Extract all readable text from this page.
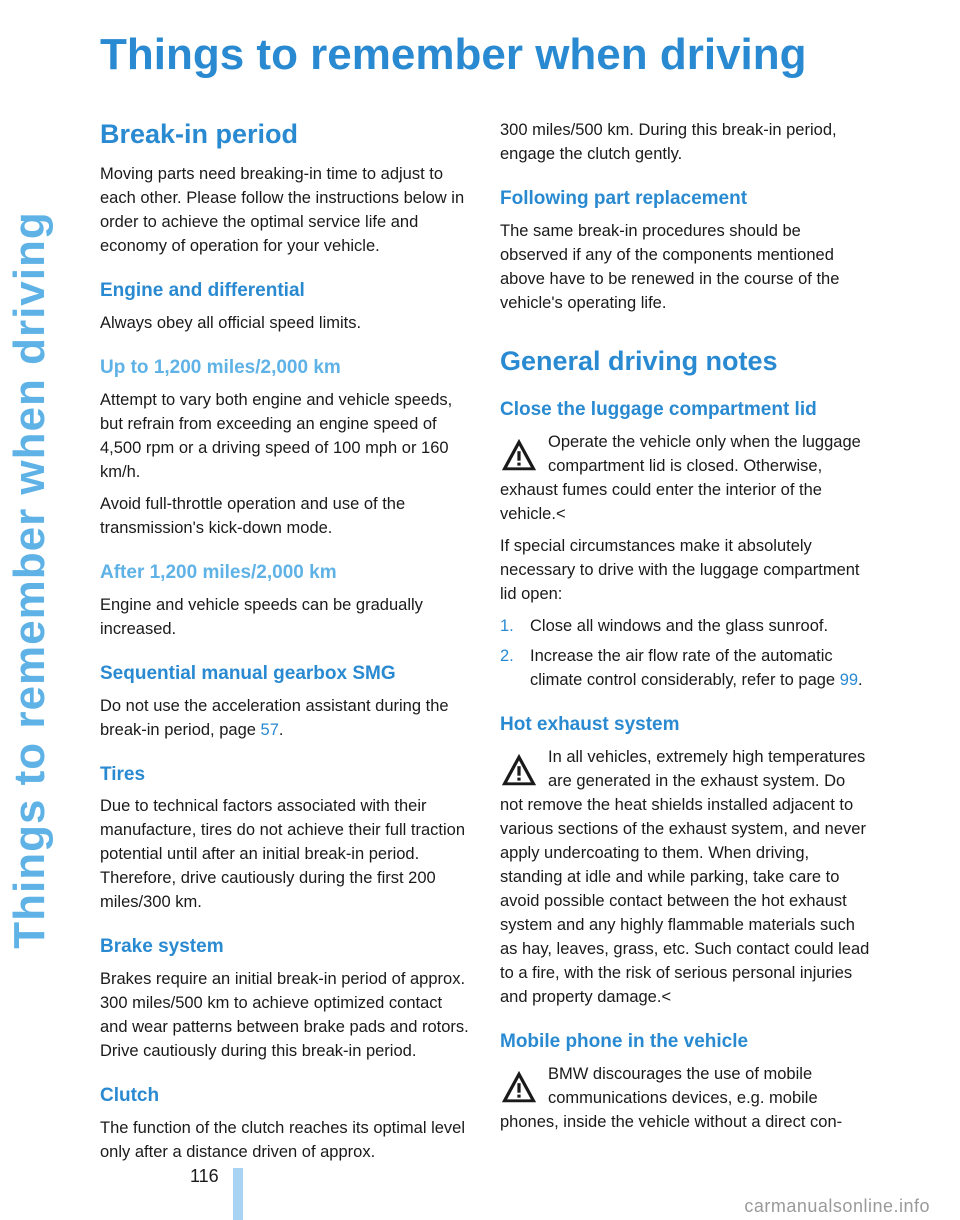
Things to remember when driving
Things to remember when driving
Break-in period

Moving parts need breaking-in time to adjust to each other. Please follow the instructions below in order to achieve the optimal service life and economy of operation for your vehicle.

Engine and differential

Always obey all official speed limits.

Up to 1,200 miles/2,000 km

Attempt to vary both engine and vehicle speeds, but refrain from exceeding an engine speed of 4,500 rpm or a driving speed of 100 mph or 160 km/h.

Avoid full-throttle operation and use of the transmission's kick-down mode.

After 1,200 miles/2,000 km

Engine and vehicle speeds can be gradually increased.

Sequential manual gearbox SMG

Do not use the acceleration assistant during the break-in period, page 57.

Tires

Due to technical factors associated with their manufacture, tires do not achieve their full traction potential until after an initial break-in period. Therefore, drive cautiously during the first 200 miles/300 km.

Brake system

Brakes require an initial break-in period of approx. 300 miles/500 km to achieve optimized contact and wear patterns between brake pads and rotors. Drive cautiously during this break-in period.

Clutch

The function of the clutch reaches its optimal level only after a distance driven of approx.

300 miles/500 km. During this break-in period, engage the clutch gently.

Following part replacement

The same break-in procedures should be observed if any of the components mentioned above have to be renewed in the course of the vehicle's operating life.

General driving notes
Close the luggage compartment lid

Operate the vehicle only when the luggage compartment lid is closed. Otherwise, exhaust fumes could enter the interior of the vehicle.<

If special circumstances make it absolutely necessary to drive with the luggage compartment lid open:

1. Close all windows and the glass sunroof.
2. Increase the air flow rate of the automatic climate control considerably, refer to page 99.
Hot exhaust system

In all vehicles, extremely high temperatures are generated in the exhaust system. Do not remove the heat shields installed adjacent to various sections of the exhaust system, and never apply undercoating to them. When driving, standing at idle and while parking, take care to avoid possible contact between the hot exhaust system and any highly flammable materials such as hay, leaves, grass, etc. Such contact could lead to a fire, with the risk of serious personal injuries and property damage.<

Mobile phone in the vehicle

BMW discourages the use of mobile communications devices, e.g. mobile phones, inside the vehicle without a direct con-

116
carmanualsonline.info
